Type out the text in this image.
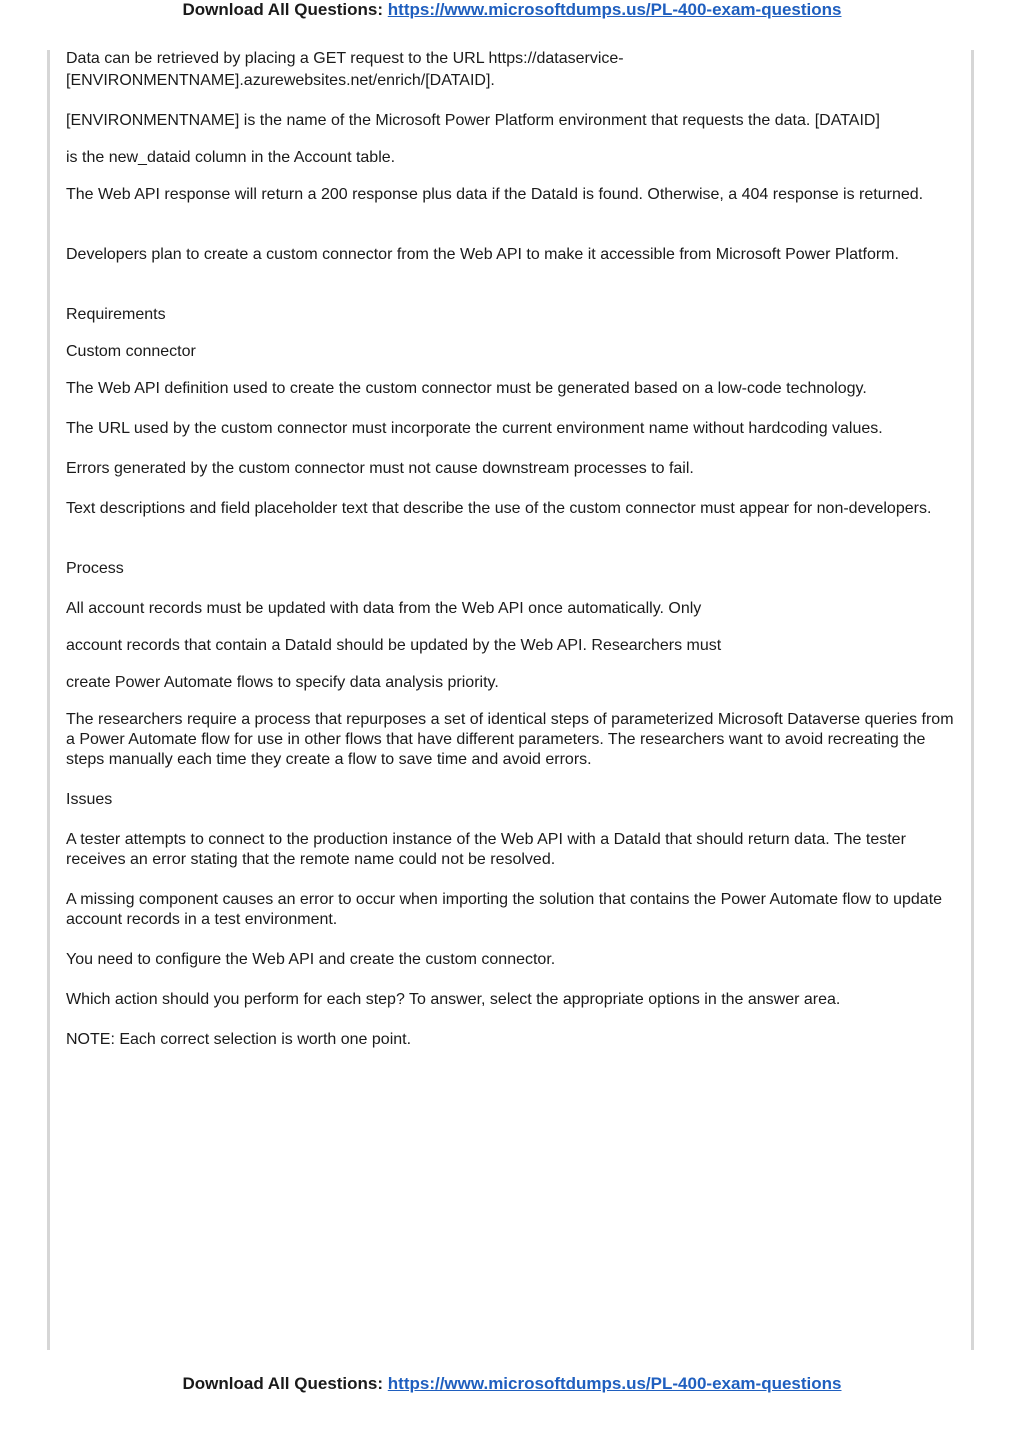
Download All Questions: https://www.microsoftdumps.us/PL-400-exam-questions

Data can be retrieved by placing a GET request to the URL https://dataservice-

[ENVIRONMENTNAME].azurewebsites.net/enrich/[DATAID].

[ENVIRONMENTNAME] is the name of the Microsoft Power Platform environment that requests the data. [DATAID]

is the new_dataid column in the Account table.

The Web API response will return a 200 response plus data if the DataId is found. Otherwise, a 404 response is returned.

Developers plan to create a custom connector from the Web API to make it accessible from Microsoft Power Platform.

Requirements

Custom connector

The Web API definition used to create the custom connector must be generated based on a low-code technology.

The URL used by the custom connector must incorporate the current environment name without hardcoding values.

Errors generated by the custom connector must not cause downstream processes to fail.

Text descriptions and field placeholder text that describe the use of the custom connector must appear for non-developers.

Process

All account records must be updated with data from the Web API once automatically. Only

account records that contain a DataId should be updated by the Web API. Researchers must

create Power Automate flows to specify data analysis priority.

The researchers require a process that repurposes a set of identical steps of parameterized Microsoft Dataverse queries from a Power Automate flow for use in other flows that have different parameters. The researchers want to avoid recreating the steps manually each time they create a flow to save time and avoid errors.

Issues

A tester attempts to connect to the production instance of the Web API with a DataId that should return data. The tester receives an error stating that the remote name could not be resolved.

A missing component causes an error to occur when importing the solution that contains the Power Automate flow to update account records in a test environment.

You need to configure the Web API and create the custom connector.

Which action should you perform for each step? To answer, select the appropriate options in the answer area.

NOTE: Each correct selection is worth one point.

Download All Questions: https://www.microsoftdumps.us/PL-400-exam-questions
